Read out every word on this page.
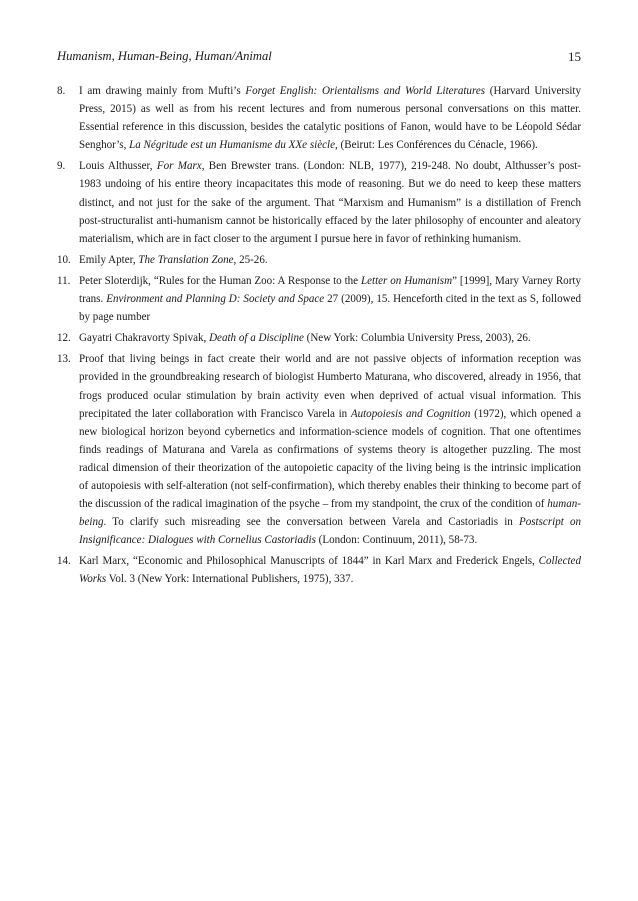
Humanism, Human-Being, Human/Animal	15
8. I am drawing mainly from Mufti’s Forget English: Orientalisms and World Literatures (Harvard University Press, 2015) as well as from his recent lectures and from numerous personal conversations on this matter. Essential reference in this discussion, besides the catalytic positions of Fanon, would have to be Léopold Sédar Senghor’s, La Négritude est un Humanisme du XXe siècle, (Beirut: Les Conférences du Cénacle, 1966).
9. Louis Althusser, For Marx, Ben Brewster trans. (London: NLB, 1977), 219-248. No doubt, Althusser’s post-1983 undoing of his entire theory incapacitates this mode of reasoning. But we do need to keep these matters distinct, and not just for the sake of the argument. That “Marxism and Humanism” is a distillation of French post-structuralist anti-humanism cannot be historically effaced by the later philosophy of encounter and aleatory materialism, which are in fact closer to the argument I pursue here in favor of rethinking humanism.
10. Emily Apter, The Translation Zone, 25-26.
11. Peter Sloterdijk, “Rules for the Human Zoo: A Response to the Letter on Humanism” [1999], Mary Varney Rorty trans. Environment and Planning D: Society and Space 27 (2009), 15. Henceforth cited in the text as S, followed by page number
12. Gayatri Chakravorty Spivak, Death of a Discipline (New York: Columbia University Press, 2003), 26.
13. Proof that living beings in fact create their world and are not passive objects of information reception was provided in the groundbreaking research of biologist Humberto Maturana, who discovered, already in 1956, that frogs produced ocular stimulation by brain activity even when deprived of actual visual information. This precipitated the later collaboration with Francisco Varela in Autopoiesis and Cognition (1972), which opened a new biological horizon beyond cybernetics and information-science models of cognition. That one oftentimes finds readings of Maturana and Varela as confirmations of systems theory is altogether puzzling. The most radical dimension of their theorization of the autopoietic capacity of the living being is the intrinsic implication of autopoiesis with self-alteration (not self-confirmation), which thereby enables their thinking to become part of the discussion of the radical imagination of the psyche – from my standpoint, the crux of the condition of human-being. To clarify such misreading see the conversation between Varela and Castoriadis in Postscript on Insignificance: Dialogues with Cornelius Castoriadis (London: Continuum, 2011), 58-73.
14. Karl Marx, “Economic and Philosophical Manuscripts of 1844” in Karl Marx and Frederick Engels, Collected Works Vol. 3 (New York: International Publishers, 1975), 337.
